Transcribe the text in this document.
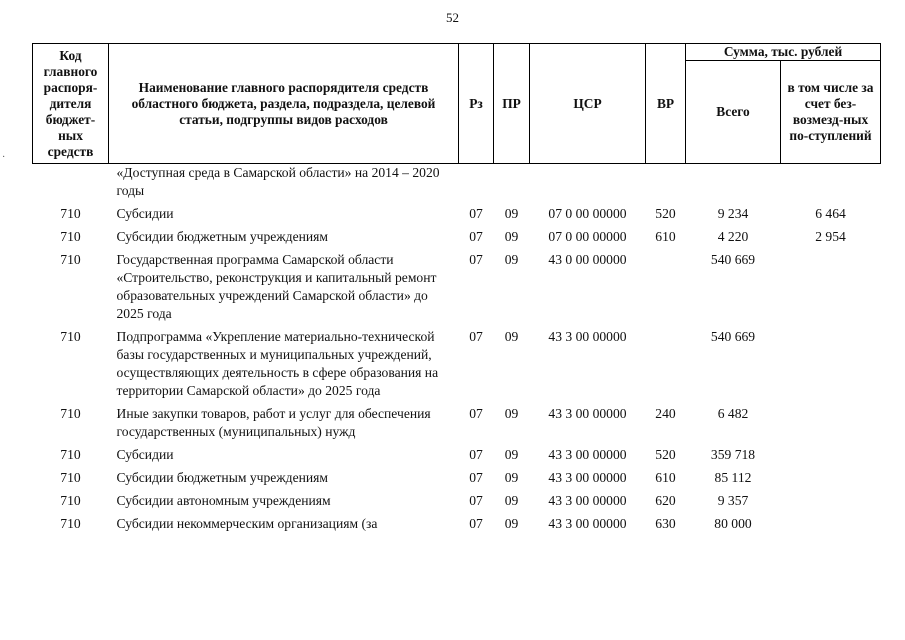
52
·
Код главного распоря-дителя бюджет-ных средств	Наименование главного распорядителя средств областного бюджета, раздела, подраздела, целевой статьи, подгруппы видов расходов	Рз	ПР	ЦСР	ВР	Сумма, тыс. рублей	
						Всего	в том числе за счет без-возмезд-ных по-ступлений
	«Доступная среда в Самарской области» на 2014 – 2020 годы						
710	Субсидии	07	09	07 0 00 00000	520	9 234	6 464
710	Субсидии бюджетным учреждениям	07	09	07 0 00 00000	610	4 220	2 954
710	Государственная программа Самарской области «Строительство, реконструкция и капитальный ремонт образовательных учреждений Самарской области» до 2025 года	07	09	43 0 00 00000		540 669	
710	Подпрограмма «Укрепление материально-технической базы государственных и муниципальных учреждений, осуществляющих деятельность в сфере образования на территории Самарской области» до 2025 года	07	09	43 3 00 00000		540 669	
710	Иные закупки товаров, работ и услуг для обеспечения государственных (муниципальных) нужд	07	09	43 3 00 00000	240	6 482	
710	Субсидии	07	09	43 3 00 00000	520	359 718	
710	Субсидии бюджетным учреждениям	07	09	43 3 00 00000	610	85 112	
710	Субсидии автономным учреждениям	07	09	43 3 00 00000	620	9 357	
710	Субсидии некоммерческим организациям (за	07	09	43 3 00 00000	630	80 000	
